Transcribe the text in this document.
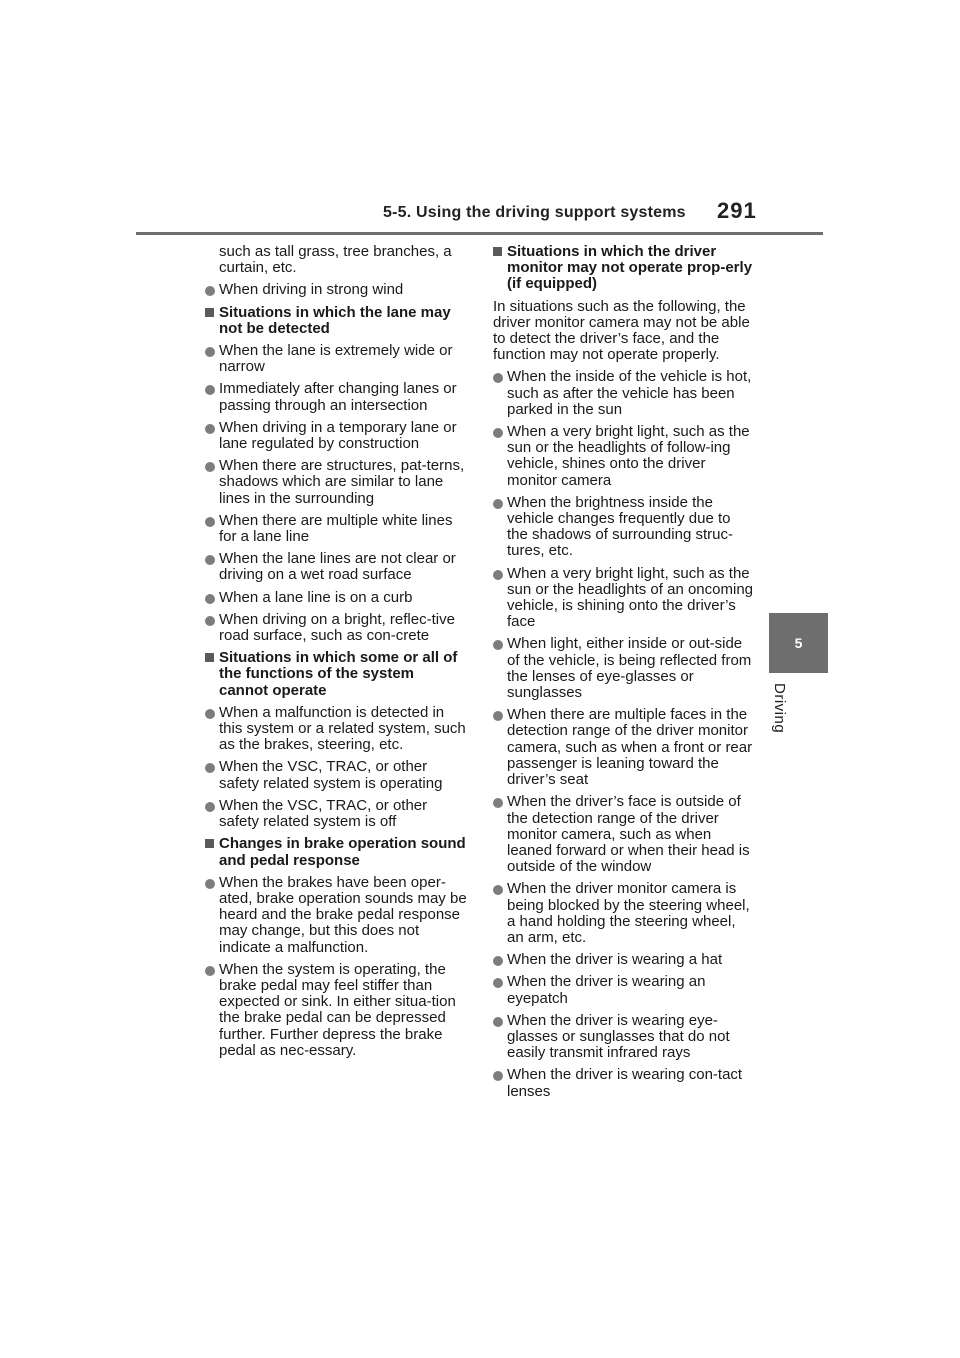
5-5. Using the driving support systems 291
5
Driving
such as tall grass, tree branches, a curtain, etc.
When driving in strong wind
Situations in which the lane may not be detected
When the lane is extremely wide or narrow
Immediately after changing lanes or passing through an intersection
When driving in a temporary lane or lane regulated by construction
When there are structures, pat-terns, shadows which are similar to lane lines in the surrounding
When there are multiple white lines for a lane line
When the lane lines are not clear or driving on a wet road surface
When a lane line is on a curb
When driving on a bright, reflec-tive road surface, such as con-crete
Situations in which some or all of the functions of the system cannot operate
When a malfunction is detected in this system or a related system, such as the brakes, steering, etc.
When the VSC, TRAC, or other safety related system is operating
When the VSC, TRAC, or other safety related system is off
Changes in brake operation sound and pedal response
When the brakes have been oper-ated, brake operation sounds may be heard and the brake pedal response may change, but this does not indicate a malfunction.
When the system is operating, the brake pedal may feel stiffer than expected or sink. In either situa-tion the brake pedal can be depressed further. Further depress the brake pedal as nec-essary.
Situations in which the driver monitor may not operate prop-erly (if equipped)
In situations such as the following, the driver monitor camera may not be able to detect the driver’s face, and the function may not operate properly.
When the inside of the vehicle is hot, such as after the vehicle has been parked in the sun
When a very bright light, such as the sun or the headlights of follow-ing vehicle, shines onto the driver monitor camera
When the brightness inside the vehicle changes frequently due to the shadows of surrounding struc-tures, etc.
When a very bright light, such as the sun or the headlights of an oncoming vehicle, is shining onto the driver’s face
When light, either inside or out-side of the vehicle, is being reflected from the lenses of eye-glasses or sunglasses
When there are multiple faces in the detection range of the driver monitor camera, such as when a front or rear passenger is leaning toward the driver’s seat
When the driver’s face is outside of the detection range of the driver monitor camera, such as when leaned forward or when their head is outside of the window
When the driver monitor camera is being blocked by the steering wheel, a hand holding the steering wheel, an arm, etc.
When the driver is wearing a hat
When the driver is wearing an eyepatch
When the driver is wearing eye-glasses or sunglasses that do not easily transmit infrared rays
When the driver is wearing con-tact lenses
